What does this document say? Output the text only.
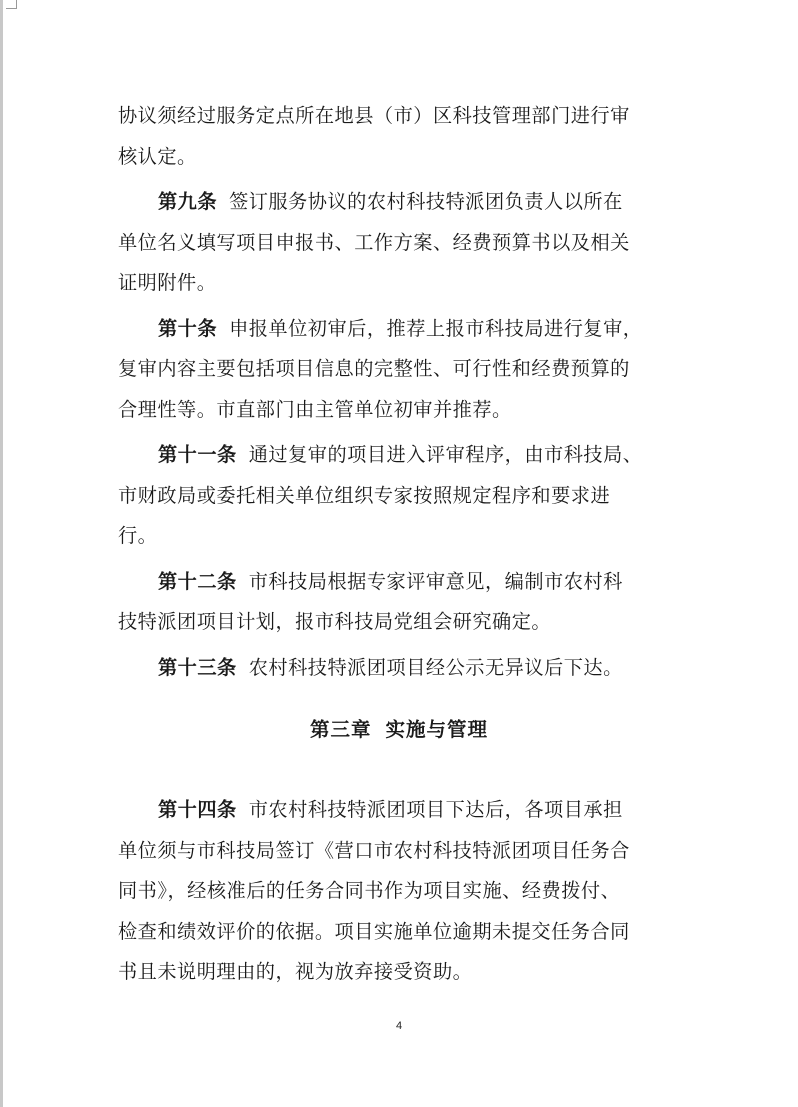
协议须经过服务定点所在地县（市）区科技管理部门进行审
核认定。
第九条 签订服务协议的农村科技特派团负责人以所在
单位名义填写项目申报书、工作方案、经费预算书以及相关
证明附件。
第十条 申报单位初审后，推荐上报市科技局进行复审，
复审内容主要包括项目信息的完整性、可行性和经费预算的
合理性等。市直部门由主管单位初审并推荐。
第十一条 通过复审的项目进入评审程序，由市科技局、
市财政局或委托相关单位组织专家按照规定程序和要求进
行。
第十二条 市科技局根据专家评审意见，编制市农村科
技特派团项目计划，报市科技局党组会研究确定。
第十三条 农村科技特派团项目经公示无异议后下达。
第三章 实施与管理
第十四条 市农村科技特派团项目下达后，各项目承担
单位须与市科技局签订《营口市农村科技特派团项目任务合
同书》，经核准后的任务合同书作为项目实施、经费拨付、
检查和绩效评价的依据。项目实施单位逾期未提交任务合同
书且未说明理由的，视为放弃接受资助。
4
